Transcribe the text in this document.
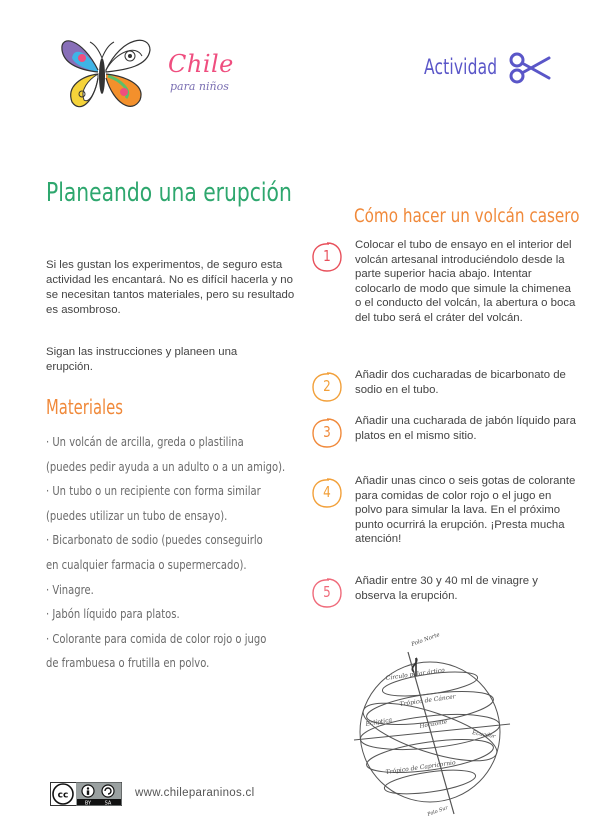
Chile
para niños
Actividad
Planeando una erupción
Si les gustan los experimentos, de seguro esta actividad les encantará. No es difícil hacerla y no se necesitan tantos materiales, pero su resultado es asombroso.
Sigan las instrucciones y planeen una erupción.
Materiales
· Un volcán de arcilla, greda o plastilina
(puedes pedir ayuda a un adulto o a un amigo).
· Un tubo o un recipiente con forma similar
(puedes utilizar un tubo de ensayo).
· Bicarbonato de sodio (puedes conseguirlo
en cualquier farmacia o supermercado).
· Vinagre.
· Jabón líquido para platos.
· Colorante para comida de color rojo o jugo
de frambuesa o frutilla en polvo.
Cómo hacer un volcán casero
1
Colocar el tubo de ensayo en el interior del volcán artesanal introduciéndolo desde la parte superior hacia abajo. Intentar colocarlo de modo que simule la chimenea o el conducto del volcán, la abertura o boca del tubo será el cráter del volcán.
2
Añadir dos cucharadas de bicarbonato de sodio en el tubo.
3
Añadir una cucharada de jabón líquido para platos en el mismo sitio.
4
Añadir unas cinco o seis gotas de colorante para comidas de color rojo o el jugo en polvo para simular la lava. En el próximo punto ocurrirá la erupción. ¡Presta mucha atención!
5
Añadir entre 30 y 40 ml de vinagre y observa la erupción.
Polo Norte
Círculo polar ártico
Trópico de Cáncer
Eclíptica	Horizonte
Ecuador
Trópico de Capricornio
Polo Sur
cc
BY	SA
www.chileparaninos.cl
